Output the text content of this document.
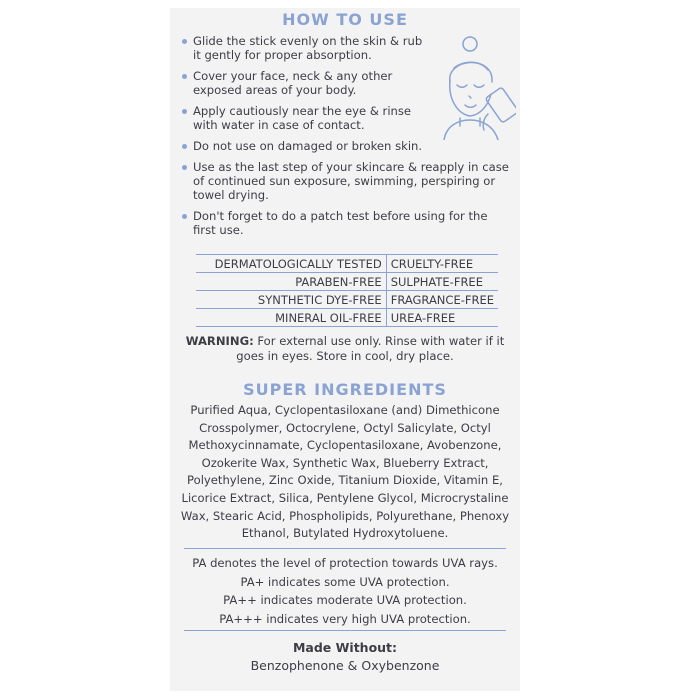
HOW TO USE
Glide the stick evenly on the skin & rub it gently for proper absorption.
Cover your face, neck & any other exposed areas of your body.
Apply cautiously near the eye & rinse with water in case of contact.
Do not use on damaged or broken skin.
Use as the last step of your skincare & reapply in case of continued sun exposure, swimming, perspiring or towel drying.
Don't forget to do a patch test before using for the first use.
DERMATOLOGICALLY TESTED	CRUELTY-FREE
PARABEN-FREE	SULPHATE-FREE
SYNTHETIC DYE-FREE	FRAGRANCE-FREE
MINERAL OIL-FREE	UREA-FREE
WARNING: For external use only. Rinse with water if it goes in eyes. Store in cool, dry place.
SUPER INGREDIENTS
Purified Aqua, Cyclopentasiloxane (and) Dimethicone Crosspolymer, Octocrylene, Octyl Salicylate, Octyl Methoxycinnamate, Cyclopentasiloxane, Avobenzone, Ozokerite Wax, Synthetic Wax, Blueberry Extract, Polyethylene, Zinc Oxide, Titanium Dioxide, Vitamin E, Licorice Extract, Silica, Pentylene Glycol, Microcrystaline Wax, Stearic Acid, Phospholipids, Polyurethane, Phenoxy Ethanol, Butylated Hydroxytoluene.
PA denotes the level of protection towards UVA rays.
PA+ indicates some UVA protection.
PA++ indicates moderate UVA protection.
PA+++ indicates very high UVA protection.
Made Without:
Benzophenone & Oxybenzone
